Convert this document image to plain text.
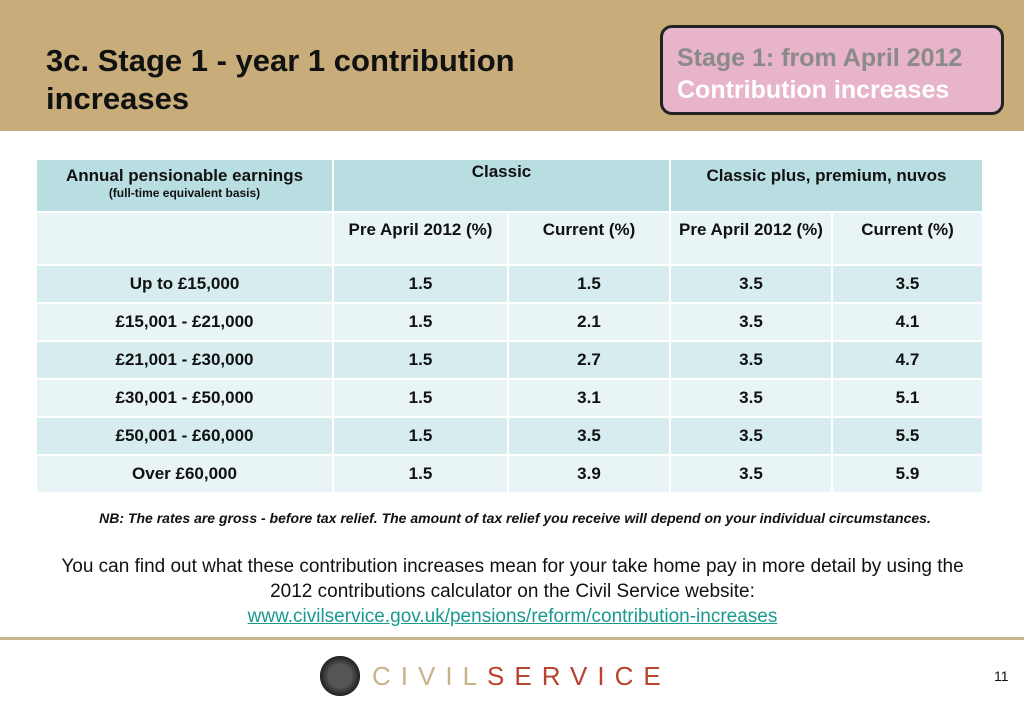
3c. Stage 1 - year 1 contribution increases
Stage 1: from April 2012
Contribution increases
Annual pensionable earnings
(full-time equivalent basis)	Classic		Classic plus, premium, nuvos	
	Pre April 2012 (%)	Current (%)	Pre April 2012 (%)	Current (%)
Up to £15,000	1.5	1.5	3.5	3.5
£15,001 - £21,000	1.5	2.1	3.5	4.1
£21,001 - £30,000	1.5	2.7	3.5	4.7
£30,001 - £50,000	1.5	3.1	3.5	5.1
£50,001 - £60,000	1.5	3.5	3.5	5.5
Over £60,000	1.5	3.9	3.5	5.9
NB: The rates are gross - before tax relief. The amount of tax relief you receive will depend on your individual circumstances.
You can find out what these contribution increases mean for your take home pay in more detail by using the 2012 contributions calculator on the Civil Service website:
www.civilservice.gov.uk/pensions/reform/contribution-increases
CIVILSERVICE	11
